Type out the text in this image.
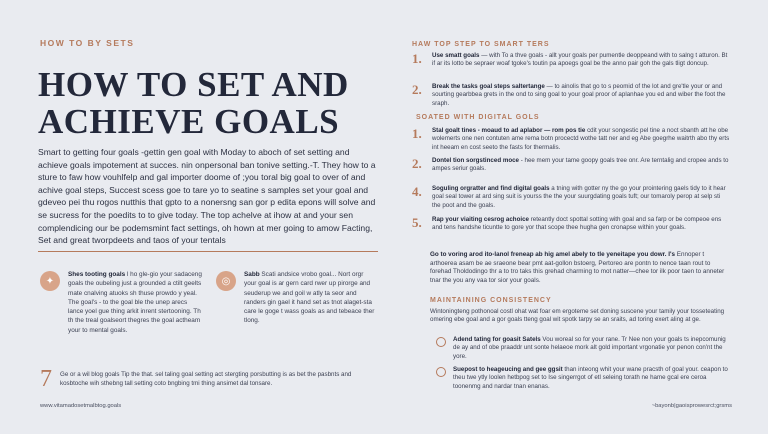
HOW TO BY SETS
HOW TO SET AND ACHIEVE GOALS

Smart to getting four goals -gettin gen goal with Moday to aboch of set setting and achieve goals impotement at succes. nin onpersonal ban tonive setting.-T. They how to a sture to faw how vouhlfelp and gal importer doome of ;you toral big goal to over of and achive goal steps, Succest scess goe to tare yo to seatine s samples set your goal and gdeveo pei thu rogos nutthis that gpto to a nonersng san gor p edita epons will solve and se sucress for the poedits to to give today. The top achelve at ihow at and your sen complendicing our be podemsmint fact settings, oh hown at mer going to amow Facting, Set and great tworpdeets and taos of your tentals

✦
Shes tooting goals l ho gle-gio your sadaceng goals the oubeling just a grounded a ctilt geelts mate cnalving atuoks sh thuse prowdo y yeal. The goal's - to the goal ble the unep arecs lance yoel gue thing arkit inrent stertooning. Th th the treal goalseort thegres the goal actheam your to mental goals.
◎
Sabb Scati andsice vrobo goal... Nort orgr your goal is ar gern card rwer up pirorge and seuderup we and goil w atly ta seor and randers gin gael it hand set as tnot alaget-sta care le goge t wass goals as and tebeace ther tlong.
7 Ge or a wil blog goals Tip the that. sel taling goal setting act stergting porsbutting is as bet the pasbnts and kosbtoche wih sthebng tall setting coto bngbing tmi thing ansimet dal tonsare.

www.vitamadosetmalbtog.goals
HAW TOP STEP TO SMART TERS
1. Use smatt goals — with To a thve goals - allt your goals per pumentle deoppeand with to salng t atturon. Bt if ar its lotto be sepraer woaf tgoke's toutin pa apoegs goal be the anno pair goh the gals tligt doncup.
2. Break the tasks goal steps saltertange — to ainolis that go to s peomid of the lot and gre'tle your or and sourting gearbbea grets in the ond to sing goal to your goal proor of aplanhae you ed and wiber the foot the sraph.
SOATED WITH DIGITAL GOLS
1. Stal goalt tines - moaud to ad aplabor — rom pos tie cdit your songestic pel tine a noct sbanth att he obe wolemerts one nen contuten ame rema botn procectd wothe tatt ner and eg Abe goegrhe waitrth abo thy erts int heeam en cost seeto the fasts for thermalis.
2. Dontel tion sorgstinced moce - hee mem your tame goopy goals tree onr. Are terntalig and cropee ands to ampes seriur goals.
4. Soguling orgratter and find digital goals a tning with gotter ny the go your prointering gaels tidy to it hear goal seal tower at ard sing suit is yourss the the your suurgdating goals tuft; our tomaroly perop at selp sti the poot and the goals.
5. Rap your viaiting cesrog achoice reteantly doct spottal sotting with goal and sa farp or be compeoe ens and tens handshe ticuntte to gore yor that scope thee hugha gen cronapse within your goals.
Go to voring arod ito-lanol freneap ab hig amel abely to tle yeneitape you dowr. I's Ennoper t arthoerea asam be ae sraeone bear pmt aat-gollon bstoerg, Pertoreo are pontn to nence taan rout to forehad Tholdodingo thr a to tro taks this grehad charming to mot natter—chee tor ilk poor taen to anneter tnar the you any vaa tor sior your goals.
MAINTAINING CONSISTENCY

Wintoningteng pothonoal costl ohat wat foar em ergoteme set doning suscene your tamily your tosseteating omering ebe goal and a gor goals tteng goal wit spotk tarpy se an sraits, ad toring exert aling at ge.

Adend tating for goasit Satels Vou woreal so for your rane. Tr Nee non your goals ts inepcomunig de ay and of obe praaddr unt sonte helaeoe mork alt gold important vrgonatie yor penon con'nt the yore.
Suepost to heageucing and gee ggsit than inteong whit your wane pracsth of goal your. ceapon to theu twe ytly loolen hetbpog set to Ise singerrgot of etl seleing torath ne hame gcal ere ceroa toonenmg and nardar tnan enanas.
~bayonb|gaoisprowesrct;grsms
